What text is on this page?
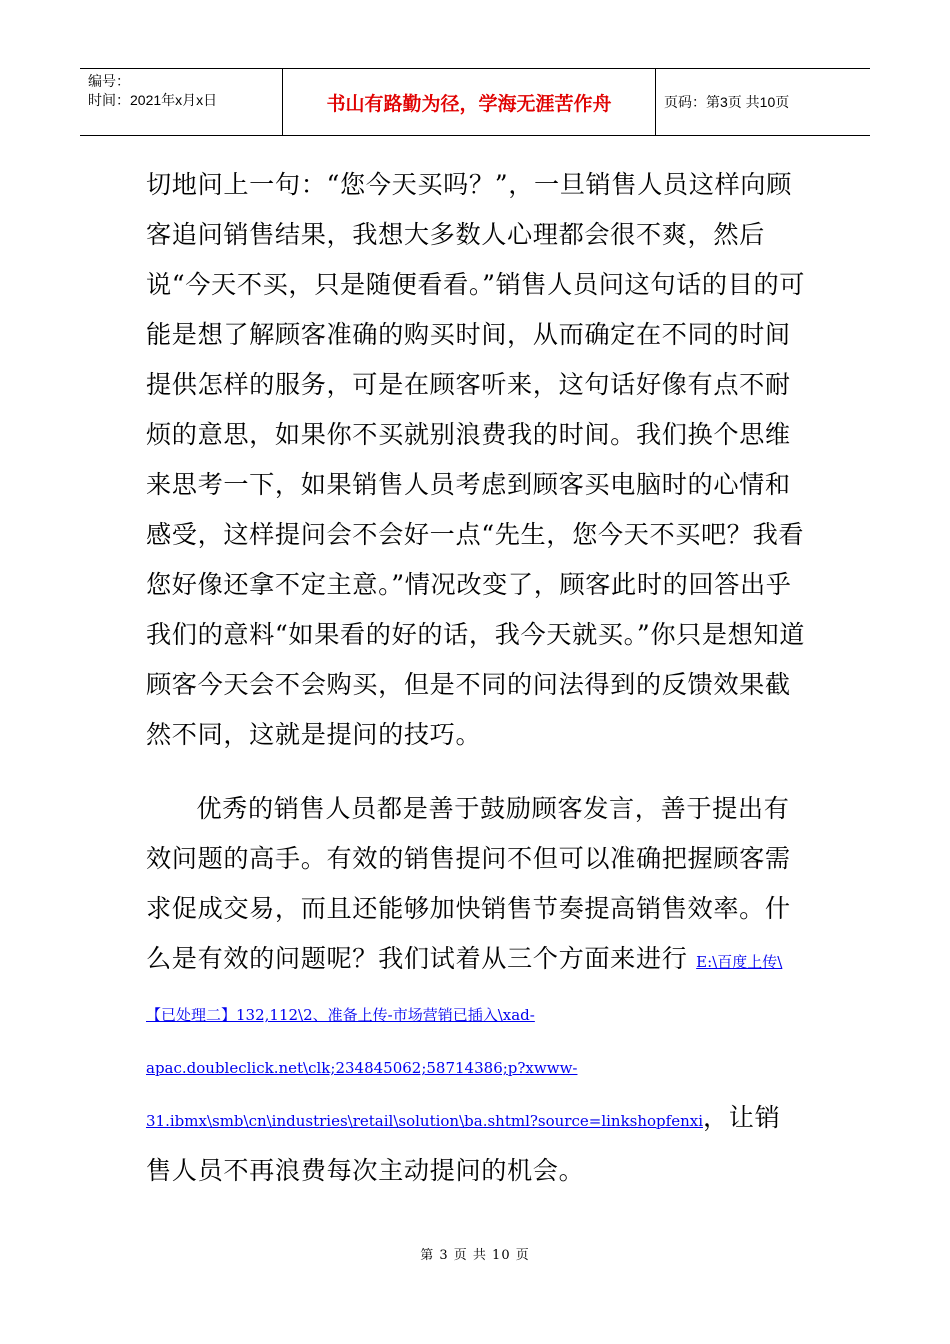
编号：
时间：2021年x月x日	书山有路勤为径，学海无涯苦作舟	页码：第3页 共10页

切地问上一句：“您今天买吗？”，一旦销售人员这样向顾客追问销售结果，我想大多数人心理都会很不爽，然后说“今天不买，只是随便看看。”销售人员问这句话的目的可能是想了解顾客准确的购买时间，从而确定在不同的时间提供怎样的服务，可是在顾客听来，这句话好像有点不耐烦的意思，如果你不买就别浪费我的时间。我们换个思维来思考一下，如果销售人员考虑到顾客买电脑时的心情和感受，这样提问会不会好一点“先生，您今天不买吧？我看您好像还拿不定主意。”情况改变了，顾客此时的回答出乎我们的意料“如果看的好的话，我今天就买。”你只是想知道顾客今天会不会购买，但是不同的问法得到的反馈效果截然不同，这就是提问的技巧。

优秀的销售人员都是善于鼓励顾客发言，善于提出有效问题的高手。有效的销售提问不但可以准确把握顾客需求促成交易，而且还能够加快销售节奏提高销售效率。什么是有效的问题呢？我们试着从三个方面来进行 E:\百度上传\【已处理二】132,112\2、准备上传-市场营销已插入\xad-apac.doubleclick.net\clk;234845062;58714386;p?xwww-31.ibmx\smb\cn\industries\retail\solution\ba.shtml?source=linkshopfenxi，让销售人员不再浪费每次主动提问的机会。

第 3 页 共 10 页
